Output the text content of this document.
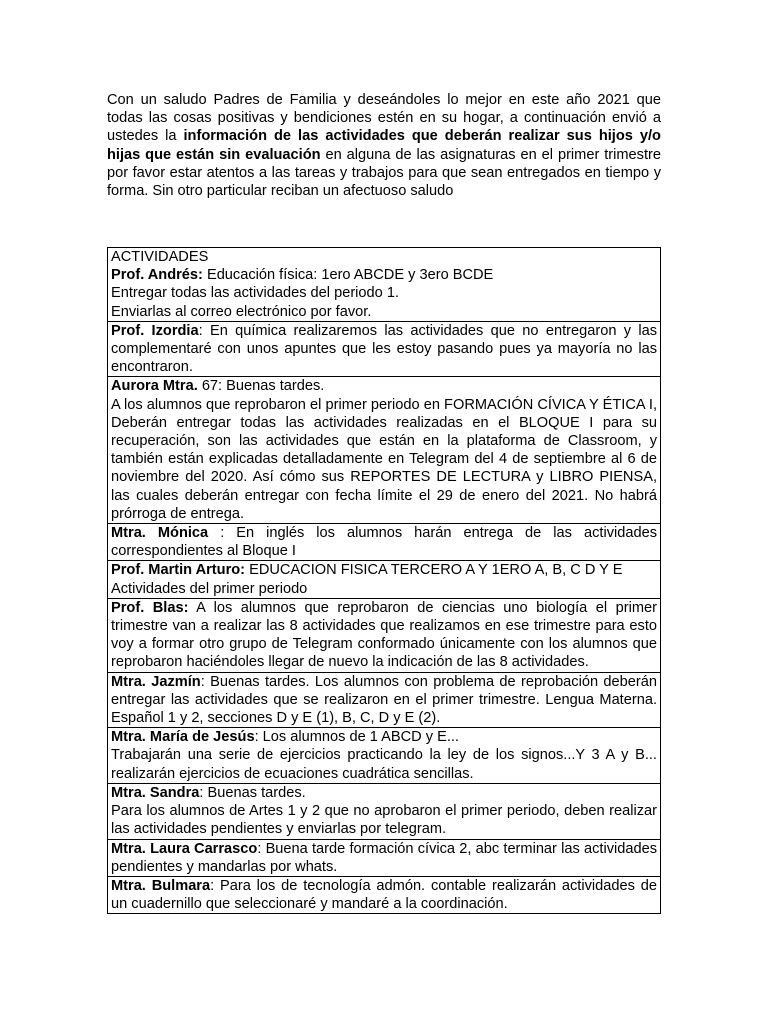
Con un saludo Padres de Familia y deseándoles lo mejor en este año 2021 que todas las cosas positivas y bendiciones estén en su hogar, a continuación envió a ustedes la información de las actividades que deberán realizar sus hijos y/o hijas que están sin evaluación en alguna de las asignaturas en el primer trimestre por favor estar atentos a las tareas y trabajos para que sean entregados en tiempo y forma. Sin otro particular reciban un afectuoso saludo

ACTIVIDADES
Prof. Andrés: Educación física: 1ero ABCDE y 3ero BCDE
Entregar todas las actividades del periodo 1.
Enviarlas al correo electrónico por favor.
Prof. Izordia: En química realizaremos las actividades que no entregaron y las complementaré con unos apuntes que les estoy pasando pues ya mayoría no las encontraron.
Aurora Mtra. 67: Buenas tardes.
A los alumnos que reprobaron el primer periodo en FORMACIÓN CÍVICA Y ÉTICA I, Deberán entregar todas las actividades realizadas en el BLOQUE I para su recuperación, son las actividades que están en la plataforma de Classroom, y también están explicadas detalladamente en Telegram del 4 de septiembre al 6 de noviembre del 2020. Así cómo sus REPORTES DE LECTURA y LIBRO PIENSA, las cuales deberán entregar con fecha límite el 29 de enero del 2021. No habrá prórroga de entrega.
Mtra. Mónica : En inglés los alumnos harán entrega de las actividades correspondientes al Bloque I
Prof. Martin Arturo: EDUCACION FISICA TERCERO A Y 1ERO A, B, C D Y E
Actividades del primer periodo
Prof. Blas: A los alumnos que reprobaron de ciencias uno biología el primer trimestre van a realizar las 8 actividades que realizamos en ese trimestre para esto voy a formar otro grupo de Telegram conformado únicamente con los alumnos que reprobaron haciéndoles llegar de nuevo la indicación de las 8 actividades.
Mtra. Jazmín: Buenas tardes. Los alumnos con problema de reprobación deberán entregar las actividades que se realizaron en el primer trimestre. Lengua Materna. Español 1 y 2, secciones D y E (1), B, C, D y E (2).
Mtra. María de Jesús: Los alumnos de 1 ABCD y E...
Trabajarán una serie de ejercicios practicando la ley de los signos...Y 3 A y B... realizarán ejercicios de ecuaciones cuadrática sencillas.
Mtra. Sandra: Buenas tardes.
Para los alumnos de Artes 1 y 2 que no aprobaron el primer periodo, deben realizar las actividades pendientes y enviarlas por telegram.
Mtra. Laura Carrasco: Buena tarde formación cívica 2, abc terminar las actividades pendientes y mandarlas por whats.
Mtra. Bulmara: Para los de tecnología admón. contable realizarán actividades de un cuadernillo que seleccionaré y mandaré a la coordinación.
